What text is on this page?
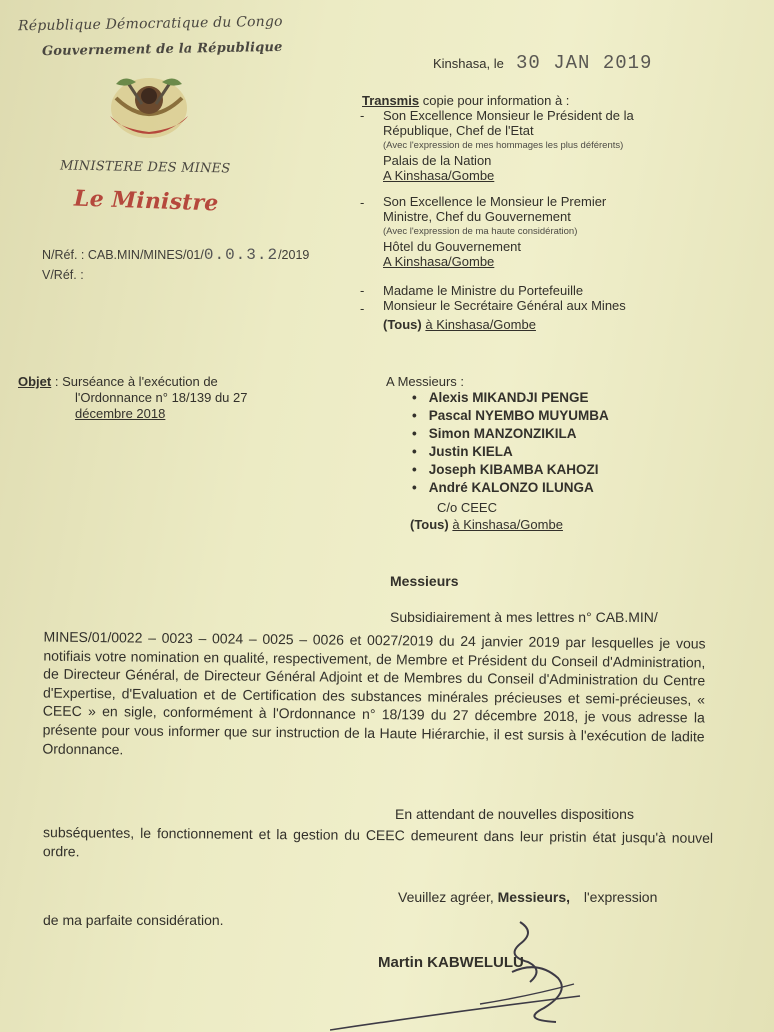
République Démocratique du Congo
Gouvernement de la République
MINISTERE DES MINES
Le Ministre
N/Réf. : CAB.MIN/MINES/01/0.0.3.2/2019
V/Réf. :
Kinshasa, le 30 JAN 2019
Transmis copie pour information à :
- Son Excellence Monsieur le Président de la
République, Chef de l'Etat
(Avec l'expression de mes hommages les plus déférents)
Palais de la Nation
A Kinshasa/Gombe
- Son Excellence le Monsieur le Premier
Ministre, Chef du Gouvernement
(Avec l'expression de ma haute considération)
Hôtel du Gouvernement
A Kinshasa/Gombe
- Madame le Ministre du Portefeuille
- Monsieur le Secrétaire Général aux Mines
(Tous) à Kinshasa/Gombe
Objet : Surséance à l'exécution de
l'Ordonnance n° 18/139 du 27
décembre 2018
A Messieurs :
• Alexis MIKANDJI PENGE
• Pascal NYEMBO MUYUMBA
• Simon MANZONZIKILA
• Justin KIELA
• Joseph KIBAMBA KAHOZI
• André KALONZO ILUNGA
C/o CEEC
(Tous) à Kinshasa/Gombe
Messieurs
Subsidiairement à mes lettres n° CAB.MIN/
MINES/01/0022 – 0023 – 0024 – 0025 – 0026 et 0027/2019 du 24 janvier 2019 par lesquelles je vous notifiais votre nomination en qualité, respectivement, de Membre et Président du Conseil d'Administration, de Directeur Général, de Directeur Général Adjoint et de Membres du Conseil d'Administration du Centre d'Expertise, d'Evaluation et de Certification des substances minérales précieuses et semi-précieuses, « CEEC » en sigle, conformément à l'Ordonnance n° 18/139 du 27 décembre 2018, je vous adresse la présente pour vous informer que sur instruction de la Haute Hiérarchie, il est sursis à l'exécution de ladite Ordonnance.
En attendant de nouvelles dispositions
subséquentes, le fonctionnement et la gestion du CEEC demeurent dans leur pristin état jusqu'à nouvel ordre.
Veuillez agréer, Messieurs, l'expression
de ma parfaite considération.
Martin KABWELULU
